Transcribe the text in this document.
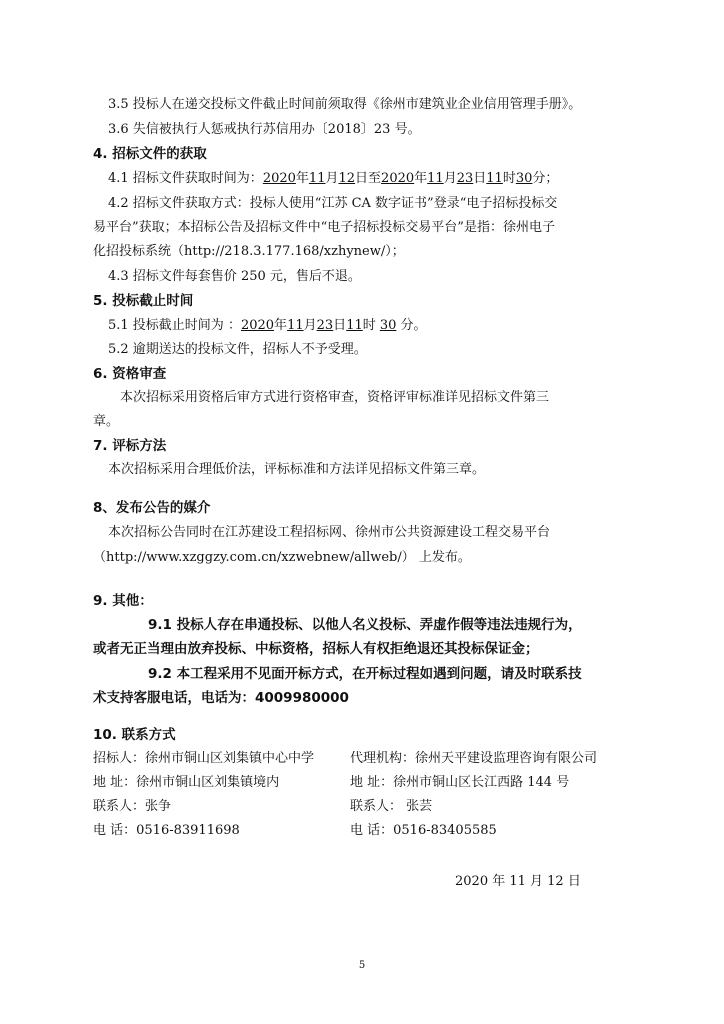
3.5 投标人在递交投标文件截止时间前须取得《徐州市建筑业企业信用管理手册》。
3.6 失信被执行人惩戒执行苏信用办〔2018〕23 号。
4. 招标文件的获取
4.1 招标文件获取时间为：2020年11月12日至2020年11月23日11时30分；
4.2 招标文件获取方式：投标人使用“江苏 CA 数字证书”登录“电子招标投标交
易平台”获取；本招标公告及招标文件中“电子招标投标交易平台”是指：徐州电子
化招投标系统（http://218.3.177.168/xzhynew/）；
4.3 招标文件每套售价 250 元，售后不退。
5. 投标截止时间
5.1 投标截止时间为 ：2020年11月23日11时 30 分。
5.2 逾期送达的投标文件，招标人不予受理。
6. 资格审查
本次招标采用资格后审方式进行资格审查，资格评审标准详见招标文件第三
章。
7. 评标方法
本次招标采用合理低价法，评标标准和方法详见招标文件第三章。
8、发布公告的媒介
本次招标公告同时在江苏建设工程招标网、徐州市公共资源建设工程交易平台
（http://www.xzggzy.com.cn/xzwebnew/allweb/） 上发布。
9. 其他：
9.1 投标人存在串通投标、以他人名义投标、弄虚作假等违法违规行为，
或者无正当理由放弃投标、中标资格，招标人有权拒绝退还其投标保证金；
9.2 本工程采用不见面开标方式，在开标过程如遇到问题，请及时联系技
术支持客服电话，电话为：4009980000
10. 联系方式
招标人：徐州市铜山区刘集镇中心中学
地 址：徐州市铜山区刘集镇境内
联系人：张争
电 话：0516-83911698
代理机构：徐州天平建设监理咨询有限公司
地 址：徐州市铜山区长江西路 144 号
联系人： 张芸
电 话：0516-83405585
2020 年 11 月 12 日
5
